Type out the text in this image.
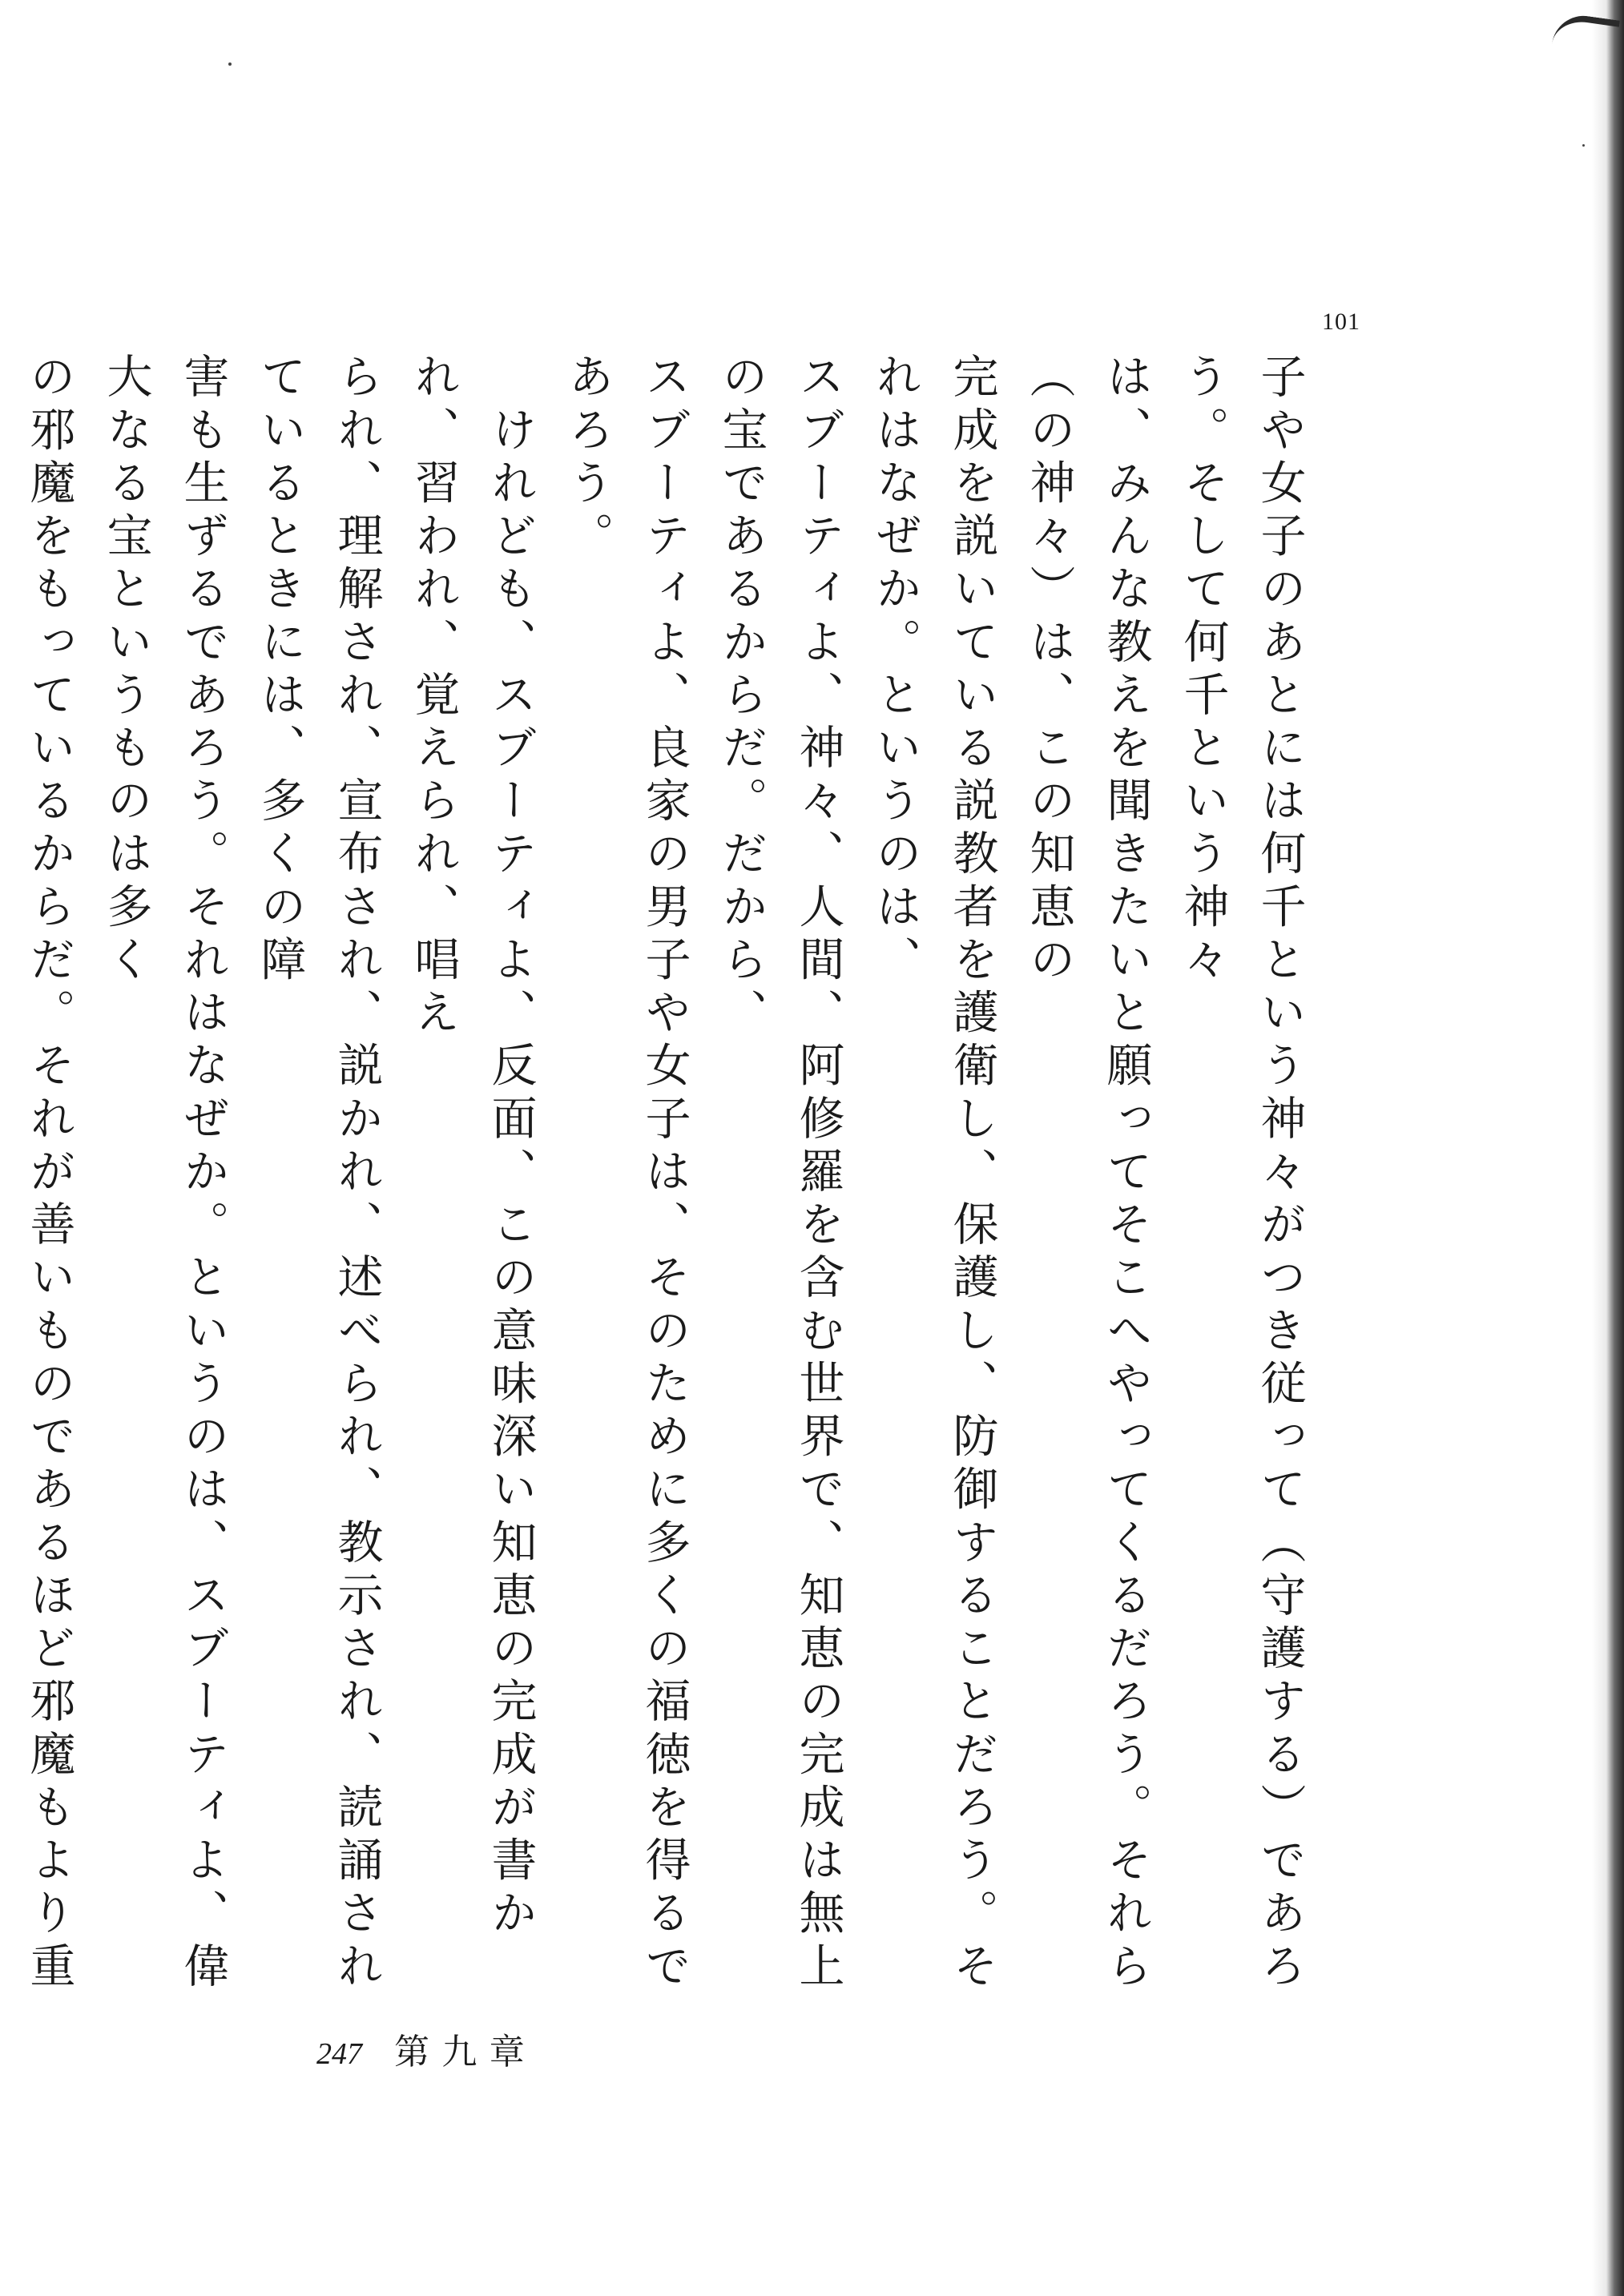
101
子や女子のあとには何千という神々がつき従って（守護する）であろう。そして何千という神々
は、みんな教えを聞きたいと願ってそこへやってくるだろう。それら（の神々）は、この知恵の
完成を説いている説教者を護衛し、保護し、防御することだろう。それはなぜか。というのは、
スブーティよ、神々、人間、阿修羅を含む世界で、知恵の完成は無上の宝であるからだ。だから、
スブーティよ、良家の男子や女子は、そのために多くの福徳を得るであろう。
　けれども、スブーティよ、反面、この意味深い知恵の完成が書かれ、習われ、覚えられ、唱え
られ、理解され、宣布され、説かれ、述べられ、教示され、読誦されているときには、多くの障
害も生ずるであろう。それはなぜか。というのは、スブーティよ、偉大なる宝というものは多く
の邪魔をもっているからだ。それが善いものであるほど邪魔もより重
247 第九章
